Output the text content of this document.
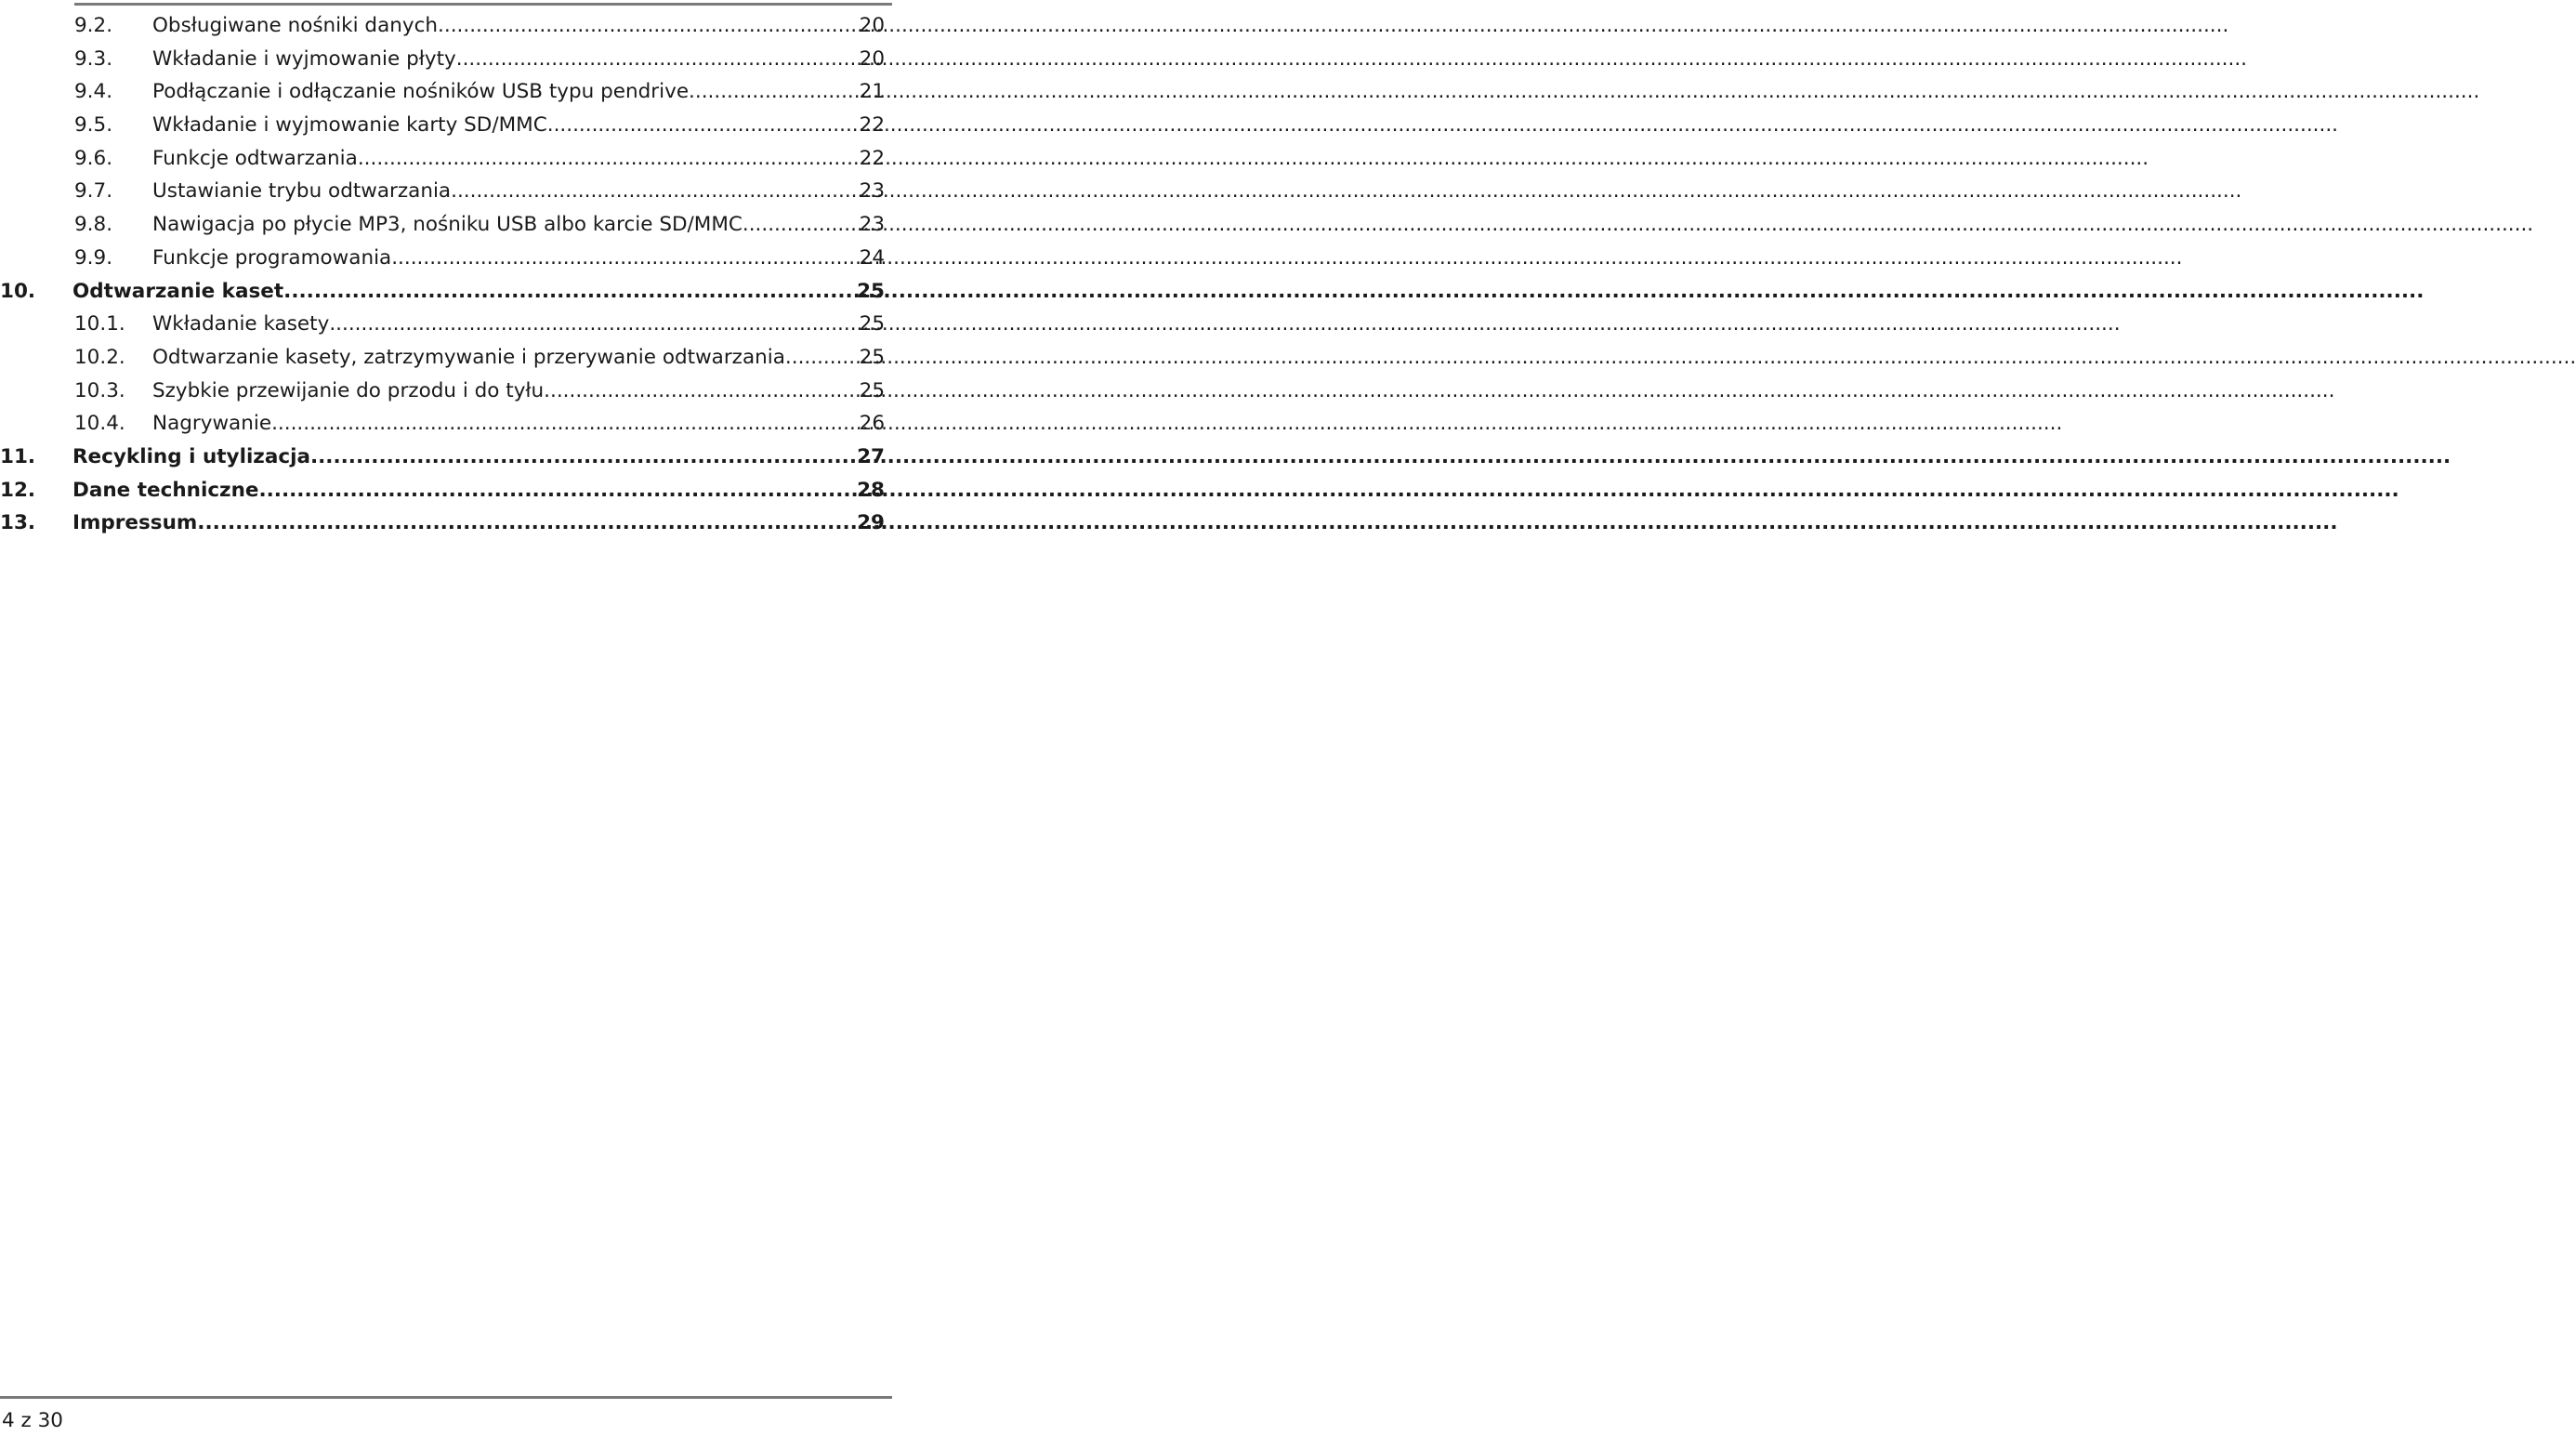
9.2.	Obsługiwane nośniki danych .....	20
9.3.	Wkładanie i wyjmowanie płyty .....	20
9.4.	Podłączanie i odłączanie nośników USB typu pendrive .....	21
9.5.	Wkładanie i wyjmowanie karty SD/MMC .....	22
9.6.	Funkcje odtwarzania .....	22
9.7.	Ustawianie trybu odtwarzania .....	23
9.8.	Nawigacja po płycie MP3, nośniku USB albo karcie SD/MMC .....	23
9.9.	Funkcje programowania .....	24
10.	Odtwarzanie kaset .....	25
10.1.	Wkładanie kasety .....	25
10.2.	Odtwarzanie kasety, zatrzymywanie i przerywanie odtwarzania .....	25
10.3.	Szybkie przewijanie do przodu i do tyłu .....	25
10.4.	Nagrywanie .....	26
11.	Recykling i utylizacja .....	27
12.	Dane techniczne .....	28
13.	Impressum .....	29
4 z 30
